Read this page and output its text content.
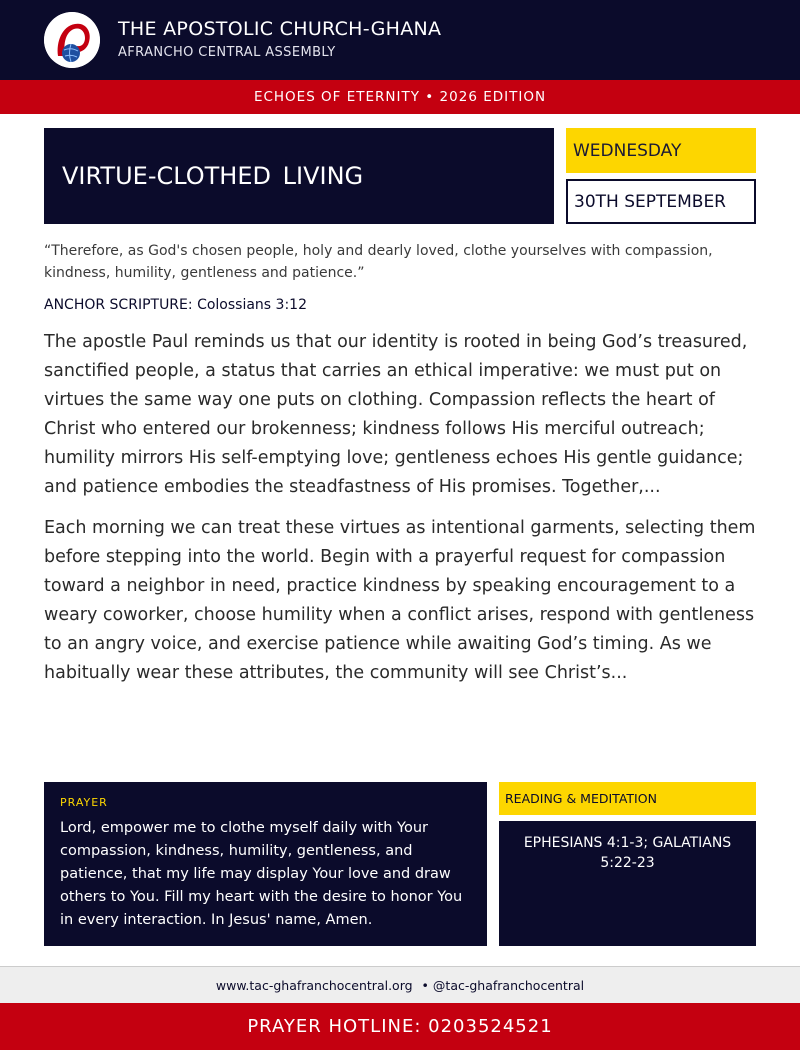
THE APOSTOLIC CHURCH-GHANA
AFRANCHO CENTRAL ASSEMBLY
ECHOES OF ETERNITY • 2026 EDITION
VIRTUE-CLOTHED LIVING
WEDNESDAY
30TH SEPTEMBER
“Therefore, as God's chosen people, holy and dearly loved, clothe yourselves with compassion, kindness, humility, gentleness and patience.”
ANCHOR SCRIPTURE: Colossians 3:12

The apostle Paul reminds us that our identity is rooted in being God’s treasured, sanctified people, a status that carries an ethical imperative: we must put on virtues the same way one puts on clothing. Compassion reflects the heart of Christ who entered our brokenness; kindness follows His merciful outreach; humility mirrors His self-emptying love; gentleness echoes His gentle guidance; and patience embodies the steadfastness of His promises. Together,...

Each morning we can treat these virtues as intentional garments, selecting them before stepping into the world. Begin with a prayerful request for compassion toward a neighbor in need, practice kindness by speaking encouragement to a weary coworker, choose humility when a conflict arises, respond with gentleness to an angry voice, and exercise patience while awaiting God’s timing. As we habitually wear these attributes, the community will see Christ’s...

PRAYER
Lord, empower me to clothe myself daily with Your compassion, kindness, humility, gentleness, and patience, that my life may display Your love and draw others to You. Fill my heart with the desire to honor You in every interaction. In Jesus' name, Amen.
READING & MEDITATION
EPHESIANS 4:1-3; GALATIANS 5:22-23
www.tac-ghafranchocentral.org • @tac-ghafranchocentral
PRAYER HOTLINE: 0203524521
